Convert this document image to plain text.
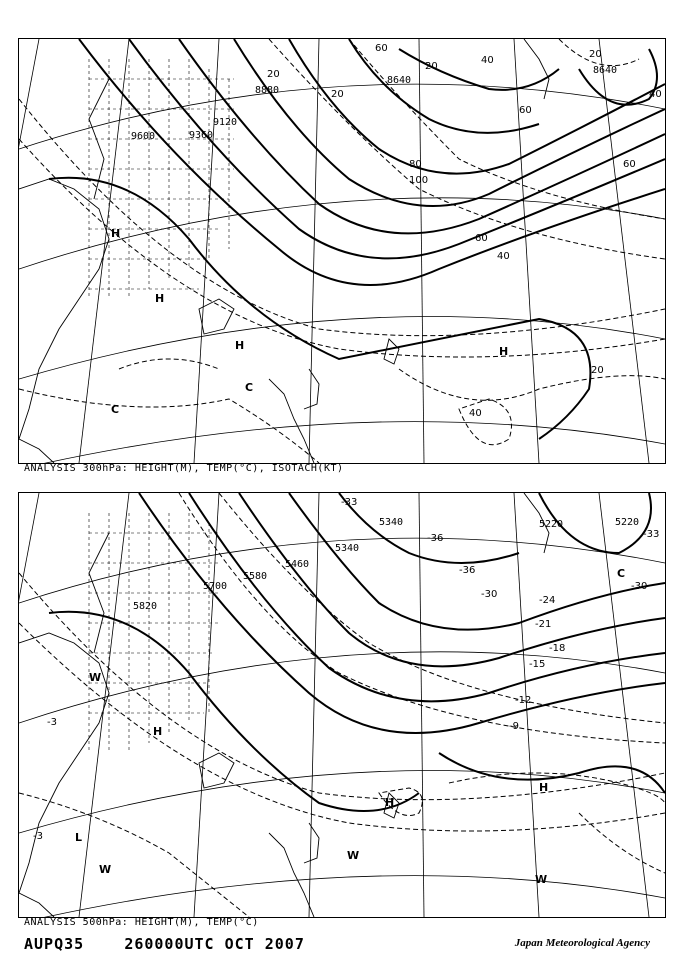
H
H
H
C
C
H
8640
8640
8880
9120
9600	9360
60
20
20
20
40
20
40
60
60
60
80
100
40
40
20
ANALYSIS 300hPa: HEIGHT(M), TEMP(°C), ISOTACH(KT)
H
H
L
W
W
W
W
H
C
5340	5220
5340
5220
5460
5700
5580
5820
-33
-36
-30
-33
-36
-30
-24
-21
-18
-15
-12
-9
-3
-3
ANALYSIS 500hPa: HEIGHT(M), TEMP(°C)
AUPQ35	260000UTC OCT 2007	Japan Meteorological Agency
